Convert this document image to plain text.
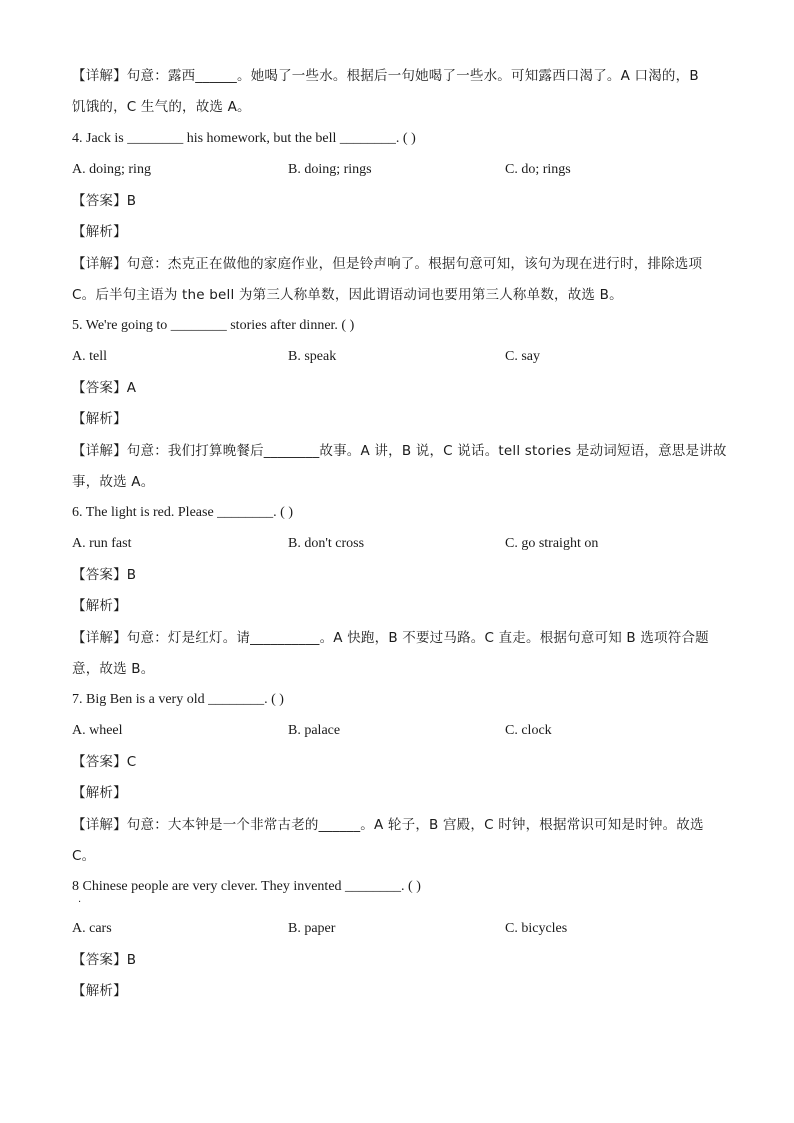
【详解】句意：露西______。她喝了一些水。根据后一句她喝了一些水。可知露西口渴了。A 口渴的，B
饥饿的，C 生气的，故选 A。
4. Jack is ________ his homework, but the bell ________. ( )
A. doing; ring	B. doing; rings	C. do; rings
【答案】B
【解析】
【详解】句意：杰克正在做他的家庭作业，但是铃声响了。根据句意可知，该句为现在进行时，排除选项
C。后半句主语为 the bell 为第三人称单数，因此谓语动词也要用第三人称单数，故选 B。
5. We're going to ________ stories after dinner. ( )
A. tell	B. speak	C. say
【答案】A
【解析】
【详解】句意：我们打算晚餐后________故事。A 讲，B 说，C 说话。tell stories 是动词短语，意思是讲故
事，故选 A。
6. The light is red. Please ________. ( )
A. run fast	B. don't cross	C. go straight on
【答案】B
【解析】
【详解】句意：灯是红灯。请__________。A 快跑，B 不要过马路。C 直走。根据句意可知 B 选项符合题
意，故选 B。
7. Big Ben is a very old ________. ( )
A. wheel	B. palace	C. clock
【答案】C
【解析】
【详解】句意：大本钟是一个非常古老的______。A 轮子，B 宫殿，C 时钟，根据常识可知是时钟。故选
C。
8 Chinese people are very clever. They invented ________. ( )
·
A. cars	B. paper	C. bicycles
【答案】B
【解析】
